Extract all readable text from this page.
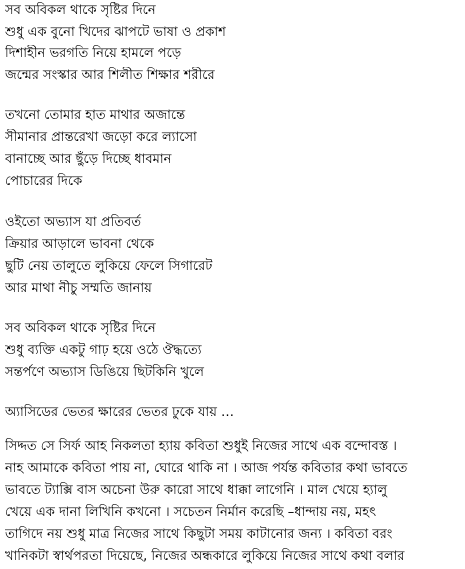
সব অবিকল থাকে সৃষ্টির দিনে
শুধু এক বুনো খিদের ঝাপটে ভাষা ও প্রকাশ
দিশাহীন ভরগতি নিয়ে হামলে পড়ে
জন্মের সংস্কার আর শিলীত শিক্ষার শরীরে
তখনো তোমার হাত মাথার অজান্তে
সীমানার প্রান্তরেখা জড়ো করে ল্যাসো
বানাচ্ছে আর ছুঁড়ে দিচ্ছে ধাবমান
পোচারের দিকে
ওইতো অভ্যাস যা প্রতিবর্ত
ক্রিয়ার আড়ালে ভাবনা থেকে
ছুটি নেয় তালুতে লুকিয়ে ফেলে সিগারেট
আর মাথা নীচু সম্মতি জানায়
সব অবিকল থাকে সৃষ্টির দিনে
শুধু ব্যক্তি একটু গাঢ় হয়ে ওঠে ঔদ্ধত্যে
সন্তর্পণে অভ্যাস ডিঙিয়ে ছিটকিনি খুলে
অ্যাসিডের ভেতর ক্ষারের ভেতর ঢুকে যায় …
সিদ্দত সে সির্ফ আহ নিকলতা হ্যায় কবিতা শুধুই নিজের সাথে এক বন্দোবস্ত ।
নাহ আমাকে কবিতা পায় না, ঘোরে থাকি না । আজ পর্যন্ত কবিতার কথা ভাবতে
ভাবতে ট্যাক্সি বাস অচেনা উরু কারো সাথে ধাক্কা লাগেনি । মাল খেয়ে হ্যালু
খেয়ে এক দানা লিখিনি কখনো । সচেতন নির্মান করেছি –ধান্দায় নয়, মহৎ
তাগিদে নয় শুধু মাত্র নিজের সাথে কিছুটা সময় কাটানোর জন্য । কবিতা বরং
খানিকটা স্বার্থপরতা দিয়েছে, নিজের অন্ধকারে লুকিয়ে নিজের সাথে কথা বলার
